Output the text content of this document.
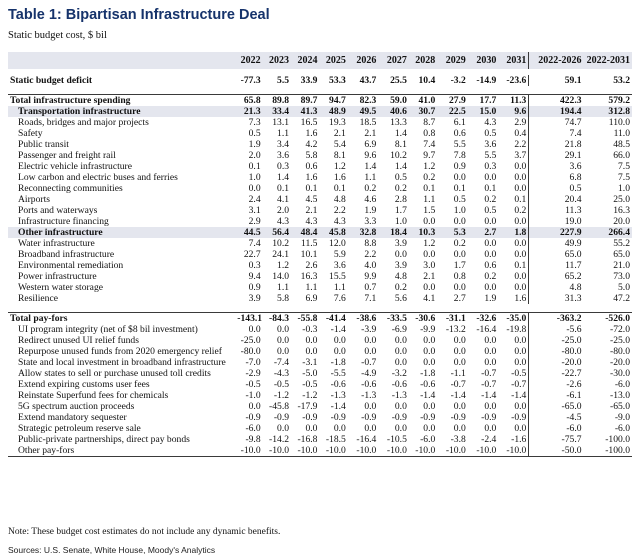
Table 1: Bipartisan Infrastructure Deal
Static budget cost, $ bil
	2022	2023	2024	2025	2026	2027	2028	2029	2030	2031	2022-2026	2022-2031

Static budget deficit	-77.3	5.5	33.9	53.3	43.7	25.5	10.4	-3.2	-14.9	-23.6	59.1	53.2

Total infrastructure spending	65.8	89.8	89.7	94.7	82.3	59.0	41.0	27.9	17.7	11.3	422.3	579.2
Transportation infrastructure	21.3	33.4	41.3	48.9	49.5	40.6	30.7	22.5	15.0	9.6	194.4	312.8
Roads, bridges and major projects	7.3	13.1	16.5	19.3	18.5	13.3	8.7	6.1	4.3	2.9	74.7	110.0
Safety	0.5	1.1	1.6	2.1	2.1	1.4	0.8	0.6	0.5	0.4	7.4	11.0
Public transit	1.9	3.4	4.2	5.4	6.9	8.1	7.4	5.5	3.6	2.2	21.8	48.5
Passenger and freight rail	2.0	3.6	5.8	8.1	9.6	10.2	9.7	7.8	5.5	3.7	29.1	66.0
Electric vehicle infrastructure	0.1	0.3	0.6	1.2	1.4	1.4	1.2	0.9	0.3	0.0	3.6	7.5
Low carbon and electric buses and ferries	1.0	1.4	1.6	1.6	1.1	0.5	0.2	0.0	0.0	0.0	6.8	7.5
Reconnecting communities	0.0	0.1	0.1	0.1	0.2	0.2	0.1	0.1	0.1	0.0	0.5	1.0
Airports	2.4	4.1	4.5	4.8	4.6	2.8	1.1	0.5	0.2	0.1	20.4	25.0
Ports and waterways	3.1	2.0	2.1	2.2	1.9	1.7	1.5	1.0	0.5	0.2	11.3	16.3
Infrastructure financing	2.9	4.3	4.3	4.3	3.3	1.0	0.0	0.0	0.0	0.0	19.0	20.0
Other infrastructure	44.5	56.4	48.4	45.8	32.8	18.4	10.3	5.3	2.7	1.8	227.9	266.4
Water infrastructure	7.4	10.2	11.5	12.0	8.8	3.9	1.2	0.2	0.0	0.0	49.9	55.2
Broadband infrastructure	22.7	24.1	10.1	5.9	2.2	0.0	0.0	0.0	0.0	0.0	65.0	65.0
Environmental remediation	0.3	1.2	2.6	3.6	4.0	3.9	3.0	1.7	0.6	0.1	11.7	21.0
Power infrastructure	9.4	14.0	16.3	15.5	9.9	4.8	2.1	0.8	0.2	0.0	65.2	73.0
Western water storage	0.9	1.1	1.1	1.1	0.7	0.2	0.0	0.0	0.0	0.0	4.8	5.0
Resilience	3.9	5.8	6.9	7.6	7.1	5.6	4.1	2.7	1.9	1.6	31.3	47.2

Total pay-fors	-143.1	-84.3	-55.8	-41.4	-38.6	-33.5	-30.6	-31.1	-32.6	-35.0	-363.2	-526.0
UI program integrity (net of $8 bil investment)	0.0	0.0	-0.3	-1.4	-3.9	-6.9	-9.9	-13.2	-16.4	-19.8	-5.6	-72.0
Redirect unused UI relief funds	-25.0	0.0	0.0	0.0	0.0	0.0	0.0	0.0	0.0	0.0	-25.0	-25.0
Repurpose unused funds from 2020 emergency relief	-80.0	0.0	0.0	0.0	0.0	0.0	0.0	0.0	0.0	0.0	-80.0	-80.0
State and local investment in broadband infrastructure	-7.0	-7.4	-3.1	-1.8	-0.7	0.0	0.0	0.0	0.0	0.0	-20.0	-20.0
Allow states to sell or purchase unused toll credits	-2.9	-4.3	-5.0	-5.5	-4.9	-3.2	-1.8	-1.1	-0.7	-0.5	-22.7	-30.0
Extend expiring customs user fees	-0.5	-0.5	-0.5	-0.6	-0.6	-0.6	-0.6	-0.7	-0.7	-0.7	-2.6	-6.0
Reinstate Superfund fees for chemicals	-1.0	-1.2	-1.2	-1.3	-1.3	-1.3	-1.4	-1.4	-1.4	-1.4	-6.1	-13.0
5G spectrum auction proceeds	0.0	-45.8	-17.9	-1.4	0.0	0.0	0.0	0.0	0.0	0.0	-65.0	-65.0
Extend mandatory sequester	-0.9	-0.9	-0.9	-0.9	-0.9	-0.9	-0.9	-0.9	-0.9	-0.9	-4.5	-9.0
Strategic petroleum reserve sale	-6.0	0.0	0.0	0.0	0.0	0.0	0.0	0.0	0.0	0.0	-6.0	-6.0
Public-private partnerships, direct pay bonds	-9.8	-14.2	-16.8	-18.5	-16.4	-10.5	-6.0	-3.8	-2.4	-1.6	-75.7	-100.0
Other pay-fors	-10.0	-10.0	-10.0	-10.0	-10.0	-10.0	-10.0	-10.0	-10.0	-10.0	-50.0	-100.0
Note: These budget cost estimates do not include any dynamic benefits.
Sources: U.S. Senate, White House, Moody's Analytics
